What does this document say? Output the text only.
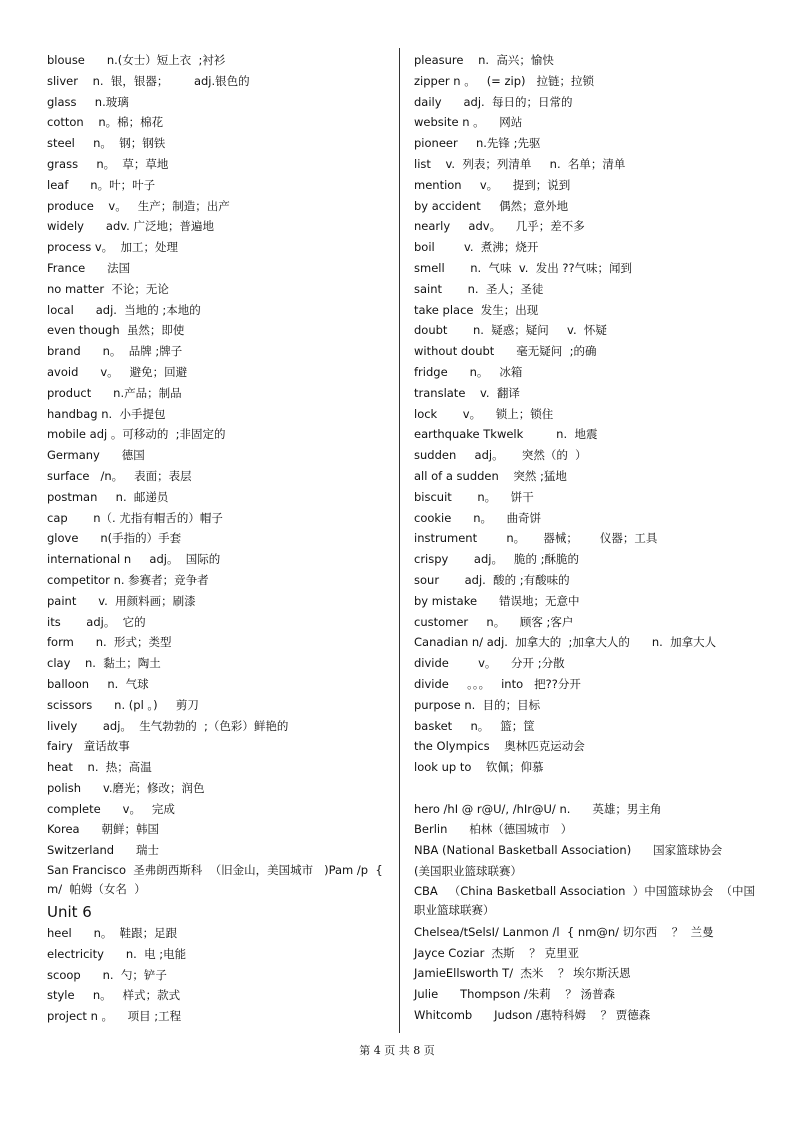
blouse      n.(女士）短上衣  ;衬衫
sliver    n.  银，银器；       adj.银色的
glass     n.玻璃
cotton    n。棉；棉花
steel     n。  钢；钢铁
grass     n。  草；草地
leaf      n。叶；叶子
produce    v。   生产；制造；出产
widely      adv. 广泛地；普遍地
process v。  加工；处理
France      法国
no matter  不论；无论
local      adj.  当地的 ;本地的
even though  虽然；即使
brand      n。  品牌 ;牌子
avoid      v。   避免；回避
product      n.产品；制品
handbag n.  小手提包
mobile adj 。可移动的  ;非固定的
Germany      德国
surface   /n。   表面；表层
postman     n.  邮递员
cap       n（. 尤指有帽舌的）帽子
glove      n(手指的）手套
international n     adj。  国际的
competitor n. 参赛者；竞争者
paint      v.  用颜料画；刷漆
its       adj。  它的
form      n.  形式；类型
clay    n.  黏土；陶土
balloon     n.  气球
scissors      n. (pl 。)     剪刀
lively       adj。  生气勃勃的  ;（色彩）鲜艳的
fairy   童话故事
heat    n.  热；高温
polish      v.磨光；修改；润色
complete      v。   完成
Korea      朝鲜；韩国
Switzerland      瑞士
San Francisco  圣弗朗西斯科  （旧金山，美国城市   )Pam /p  { m/  帕姆（女名  ）
Unit 6
heel      n。  鞋跟；足跟
electricity      n.  电 ;电能
scoop      n.  勺；铲子
style     n。   样式；款式
project n 。    项目 ;工程
pleasure    n.  高兴；愉快
zipper n 。   (= zip)   拉链；拉锁
daily      adj.  每日的；日常的
website n 。    网站
pioneer     n.先锋 ;先驱
list    v.  列表；列清单     n.  名单；清单
mention     v。    提到；说到
by accident     偶然；意外地
nearly     adv。    几乎；差不多
boil        v.  煮沸；烧开
smell       n.  气味  v.  发出 ??气味；闻到
saint       n.  圣人；圣徒
take place  发生；出现
doubt       n.  疑惑；疑问     v.  怀疑
without doubt      毫无疑问  ;的确
fridge      n。   冰箱
translate    v.  翻译
lock       v。    锁上；锁住
earthquake Tkwelk         n.  地震
sudden     adj。     突然（的  ）
all of a sudden    突然 ;猛地
biscuit       n。    饼干
cookie      n。    曲奇饼
instrument        n。     器械；      仪器；工具
crispy       adj。   脆的 ;酥脆的
sour       adj.  酸的 ;有酸味的
by mistake      错误地；无意中
customer     n。    顾客 ;客户
Canadian n/ adj.  加拿大的  ;加拿大人的      n.  加拿大人
divide        v。    分开 ;分散
divide     。。。   into   把??分开
purpose n.  目的；目标
basket     n。   篮；筐
the Olympics    奥林匹克运动会
look up to    钦佩；仰慕
hero /hI @ r@U/, /hIr@U/ n.      英雄；男主角
Berlin      柏林（德国城市   ）
NBA (National Basketball Association)      国家篮球协会
(美国职业篮球联赛）
CBA   （China Basketball Association  ）中国篮球协会  （中国职业篮球联赛）
Chelsea/tSelsI/ Lanmon /l  { nm@n/ 切尔西    ？  兰曼
Jayce Coziar  杰斯    ？ 克里亚
JamieEllsworth T/  杰米    ？ 埃尔斯沃恩
Julie      Thompson /朱莉    ？ 汤普森
Whitcomb      Judson /惠特科姆    ？ 贾德森
第 4 页 共 8 页
